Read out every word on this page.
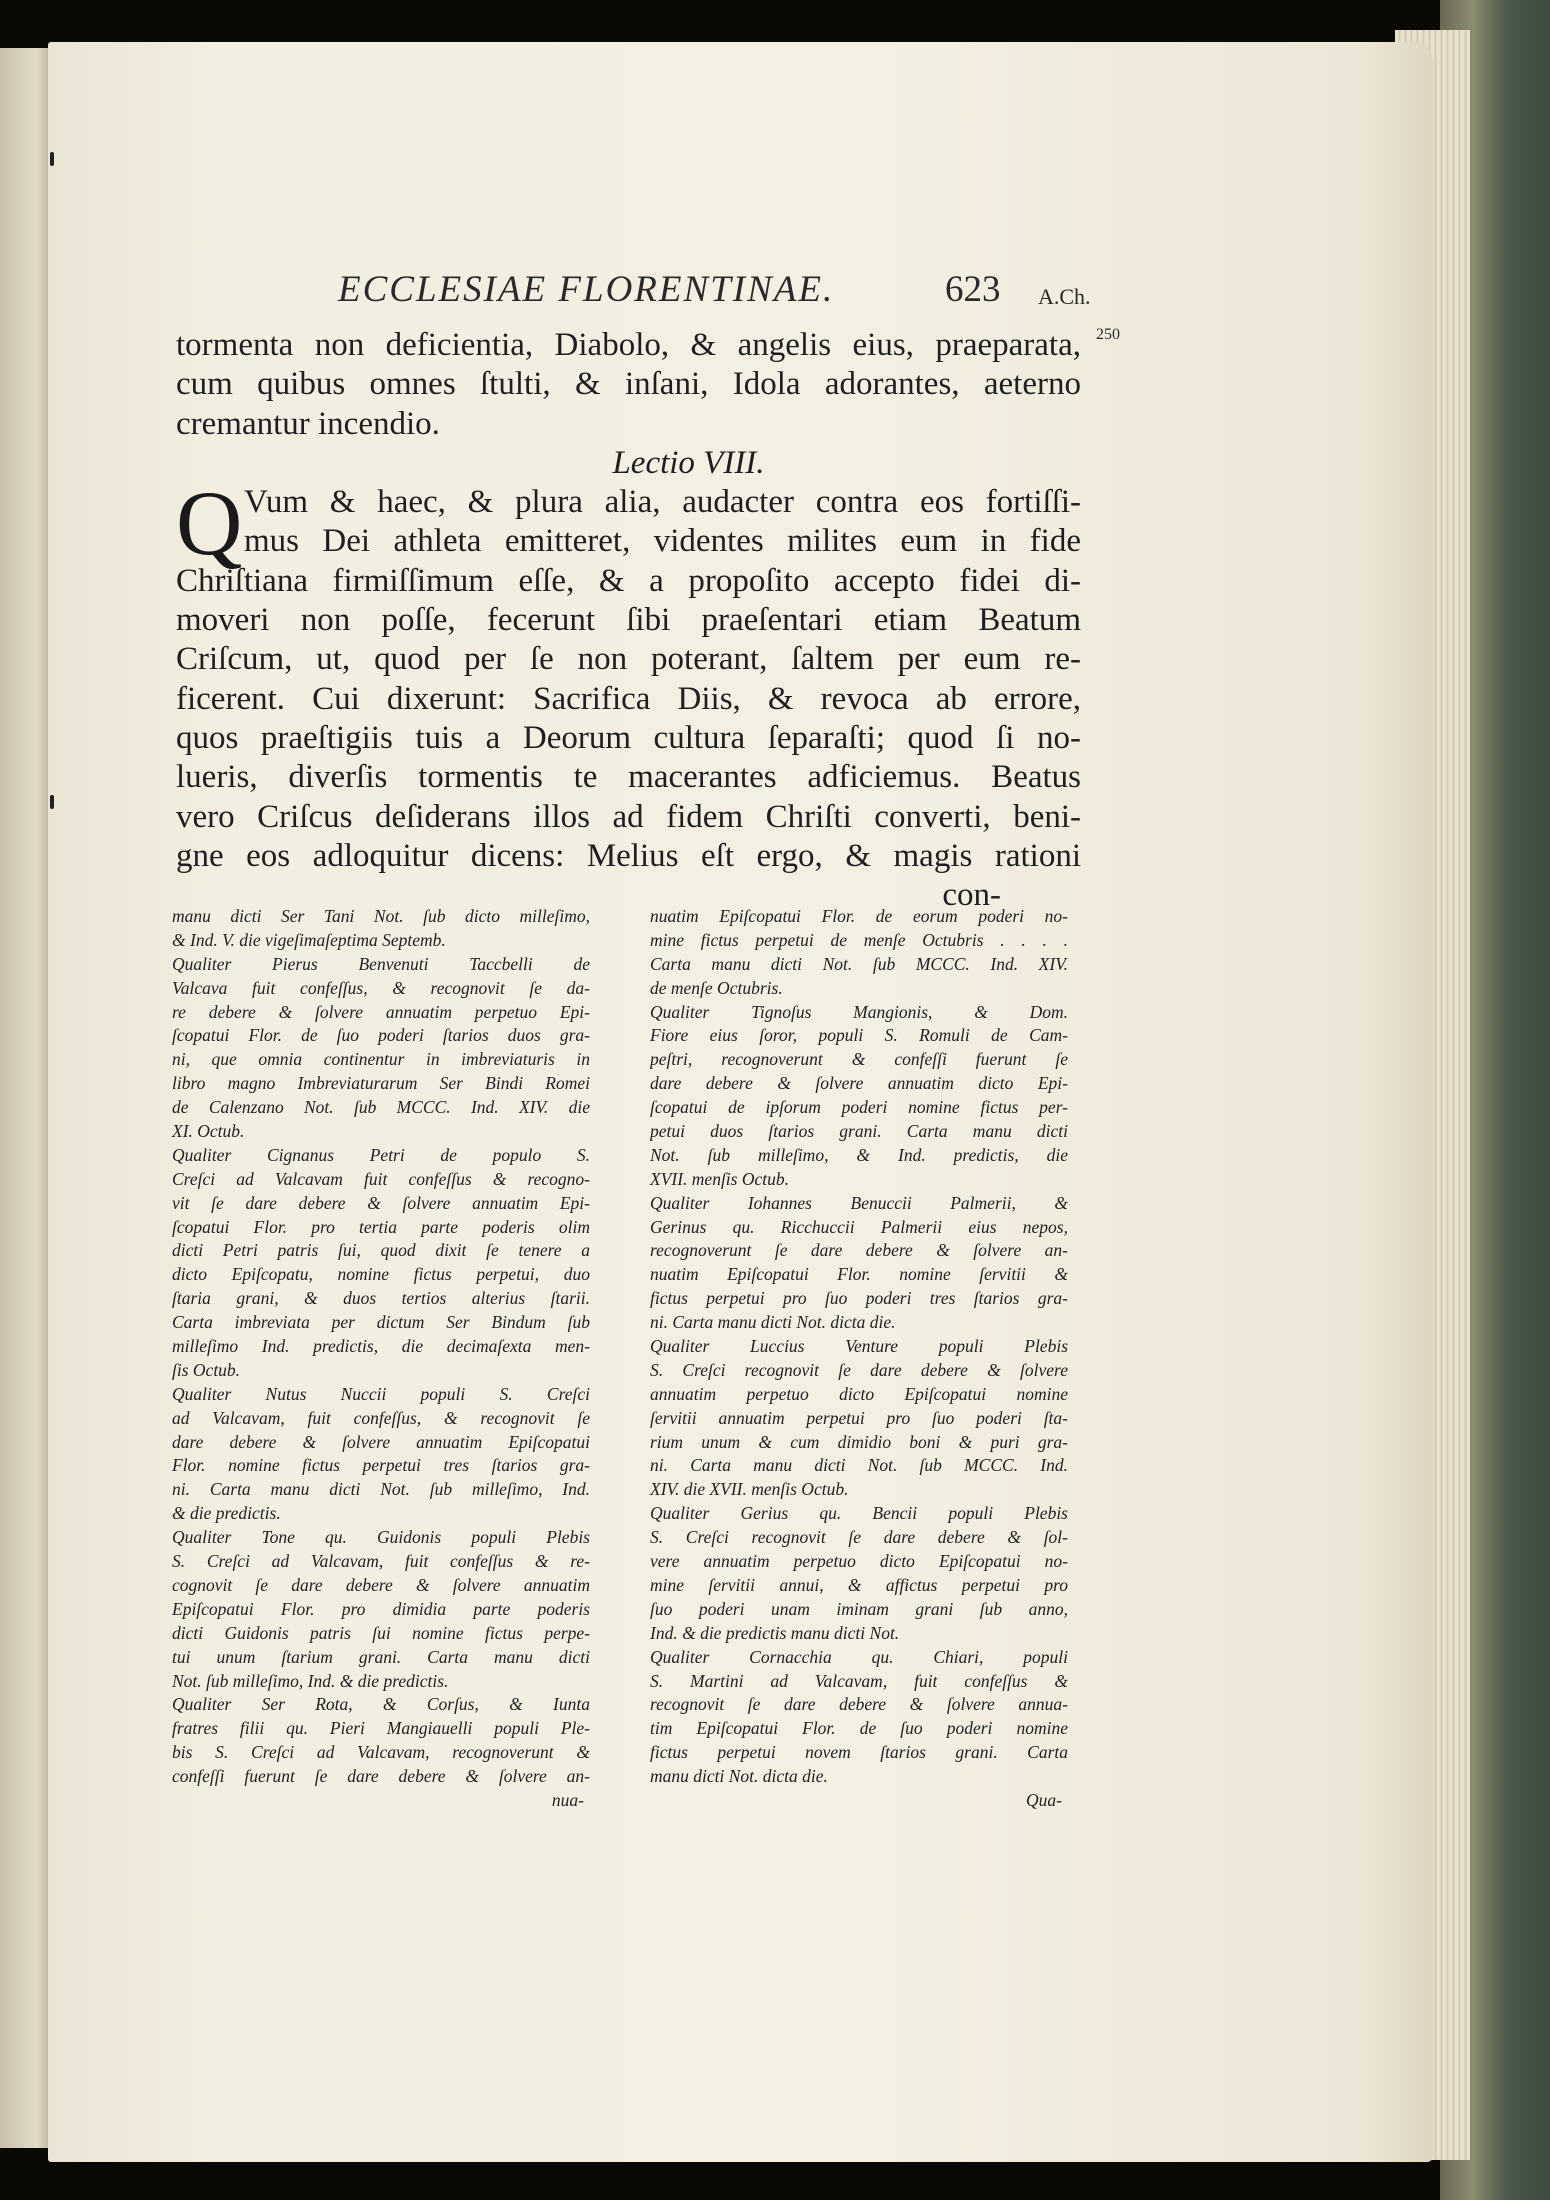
ECCLESIAE FLORENTINAE.	623 A.Ch.
250
tormenta non deficientia, Diabolo, & angelis eius, praeparata,
cum quibus omnes ſtulti, & inſani, Idola adorantes, aeterno
cremantur incendio.
Lectio VIII.
Q Vum & haec, & plura alia, audacter contra eos fortiſſi-
mus Dei athleta emitteret, videntes milites eum in fide
Chriſtiana firmiſſimum eſſe, & a propoſito accepto fidei di-
moveri non poſſe, fecerunt ſibi praeſentari etiam Beatum
Criſcum, ut, quod per ſe non poterant, ſaltem per eum re-
ficerent. Cui dixerunt: Sacrifica Diis, & revoca ab errore,
quos praeſtigiis tuis a Deorum cultura ſeparaſti; quod ſi no-
lueris, diverſis tormentis te macerantes adficiemus. Beatus
vero Criſcus deſiderans illos ad fidem Chriſti converti, beni-
gne eos adloquitur dicens: Melius eſt ergo, & magis rationi
con-
manu dicti Ser Tani Not. ſub dicto milleſimo,
& Ind. V. die vigeſimaſeptima Septemb.
Qualiter Pierus Benvenuti Taccbelli de
Valcava fuit confeſſus, & recognovit ſe da-
re debere & ſolvere annuatim perpetuo Epi-
ſcopatui Flor. de ſuo poderi ſtarios duos gra-
ni, que omnia continentur in imbreviaturis in
libro magno Imbreviaturarum Ser Bindi Romei
de Calenzano Not. ſub MCCC. Ind. XIV. die
XI. Octub.
Qualiter Cignanus Petri de populo S.
Creſci ad Valcavam fuit confeſſus & recogno-
vit ſe dare debere & ſolvere annuatim Epi-
ſcopatui Flor. pro tertia parte poderis olim
dicti Petri patris ſui, quod dixit ſe tenere a
dicto Epiſcopatu, nomine fictus perpetui, duo
ſtaria grani, & duos tertios alterius ſtarii.
Carta imbreviata per dictum Ser Bindum ſub
milleſimo Ind. predictis, die decimaſexta men-
ſis Octub.
Qualiter Nutus Nuccii populi S. Creſci
ad Valcavam, fuit confeſſus, & recognovit ſe
dare debere & ſolvere annuatim Epiſcopatui
Flor. nomine fictus perpetui tres ſtarios gra-
ni. Carta manu dicti Not. ſub milleſimo, Ind.
& die predictis.
Qualiter Tone qu. Guidonis populi Plebis
S. Creſci ad Valcavam, fuit confeſſus & re-
cognovit ſe dare debere & ſolvere annuatim
Epiſcopatui Flor. pro dimidia parte poderis
dicti Guidonis patris ſui nomine fictus perpe-
tui unum ſtarium grani. Carta manu dicti
Not. ſub milleſimo, Ind. & die predictis.
Qualiter Ser Rota, & Corſus, & Iunta
fratres filii qu. Pieri Mangiauelli populi Ple-
bis S. Creſci ad Valcavam, recognoverunt &
confeſſi fuerunt ſe dare debere & ſolvere an-
nua-
nuatim Epiſcopatui Flor. de eorum poderi no-
mine fictus perpetui de menſe Octubris . . . .
Carta manu dicti Not. ſub MCCC. Ind. XIV.
de menſe Octubris.
Qualiter Tignoſus Mangionis, & Dom.
Fiore eius ſoror, populi S. Romuli de Cam-
peſtri, recognoverunt & confeſſi fuerunt ſe
dare debere & ſolvere annuatim dicto Epi-
ſcopatui de ipſorum poderi nomine fictus per-
petui duos ſtarios grani. Carta manu dicti
Not. ſub milleſimo, & Ind. predictis, die
XVII. menſis Octub.
Qualiter Iohannes Benuccii Palmerii, &
Gerinus qu. Ricchuccii Palmerii eius nepos,
recognoverunt ſe dare debere & ſolvere an-
nuatim Epiſcopatui Flor. nomine ſervitii &
fictus perpetui pro ſuo poderi tres ſtarios gra-
ni. Carta manu dicti Not. dicta die.
Qualiter Luccius Venture populi Plebis
S. Creſci recognovit ſe dare debere & ſolvere
annuatim perpetuo dicto Epiſcopatui nomine
ſervitii annuatim perpetui pro ſuo poderi ſta-
rium unum & cum dimidio boni & puri gra-
ni. Carta manu dicti Not. ſub MCCC. Ind.
XIV. die XVII. menſis Octub.
Qualiter Gerius qu. Bencii populi Plebis
S. Creſci recognovit ſe dare debere & ſol-
vere annuatim perpetuo dicto Epiſcopatui no-
mine ſervitii annui, & affictus perpetui pro
ſuo poderi unam iminam grani ſub anno,
Ind. & die predictis manu dicti Not.
Qualiter Cornacchia qu. Chiari, populi
S. Martini ad Valcavam, fuit confeſſus &
recognovit ſe dare debere & ſolvere annua-
tim Epiſcopatui Flor. de ſuo poderi nomine
fictus perpetui novem ſtarios grani. Carta
manu dicti Not. dicta die.
Qua-
